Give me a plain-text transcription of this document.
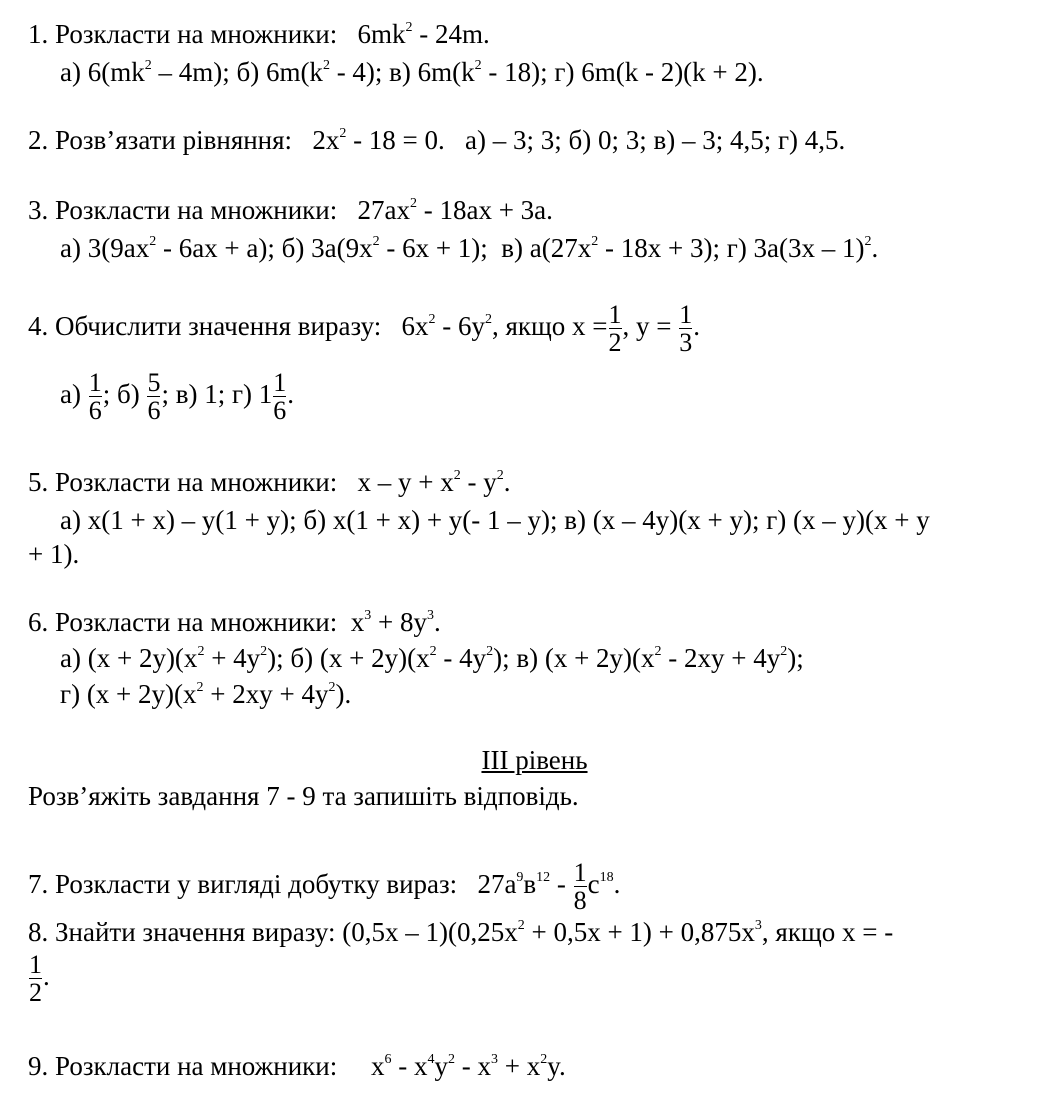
1. Розкласти на множники:   $6mk^2 - 24m$.
а) $6(mk^2 - 4m)$; б) $6m(k^2 - 4)$; в) $6m(k^2 - 18)$; г) 6m(k - 2)(k + 2).
2. Розв’язати рівняння:   $2x^2 - 18 = 0$.   а) – 3; 3; б) 0; 3; в) – 3; 4,5; г) 4,5.
3. Розкласти на множники:   $27ax^2 - 18ax + 3a$.
а) $3(9ax^2 - 6ax + a)$; б) $3a(9x^2 - 6x + 1)$;  в) $a(27x^2 - 18x + 3)$; г) 3a(3x – 1)$^2$.
4. Обчислити значення виразу:   $6x^2 - 6y^2$, якщо $x = \frac{1}{2}$ , $y = \frac{1}{3}$ .
$а) \frac{1}{6}$ ; $б) \frac{5}{6}$ ; в) 1; г) $1 \frac{1}{6}$ .
5. Розкласти на множники:   $x - y + x^2 - y^2$.
а) x(1 + x) – y(1 + y); б) x(1 + x) + y(- 1 – y); в) (x – 4y)(x + y); г) (x – y)(x + y
+ 1).
6. Розкласти на множники:  $x^3 + 8y^3$.
а) $(x + 2y)(x^2 + 4y^2)$; б) $(x + 2y)(x^2 - 4y^2)$; в) $(x + 2y)(x^2 - 2xy + 4y^2)$;
г) $(x + 2y)(x^2 + 2xy + 4y^2)$.
ІІІ рівень
Розв’яжіть завдання 7 - 9 та запишіть відповідь.
7. Розкласти у вигляді добутку вираз:   $27a^9в^{12} - \frac{1}{8} c^{18}$.
8. Знайти значення виразу: $(0,5x - 1)(0,25x^2 + 0,5x + 1) + 0,875x^3$, якщо x = -
$\frac{1}{2}$ .
9. Розкласти на множники:     $x^6 - x^4y^2 - x^3 + x^2y$.
